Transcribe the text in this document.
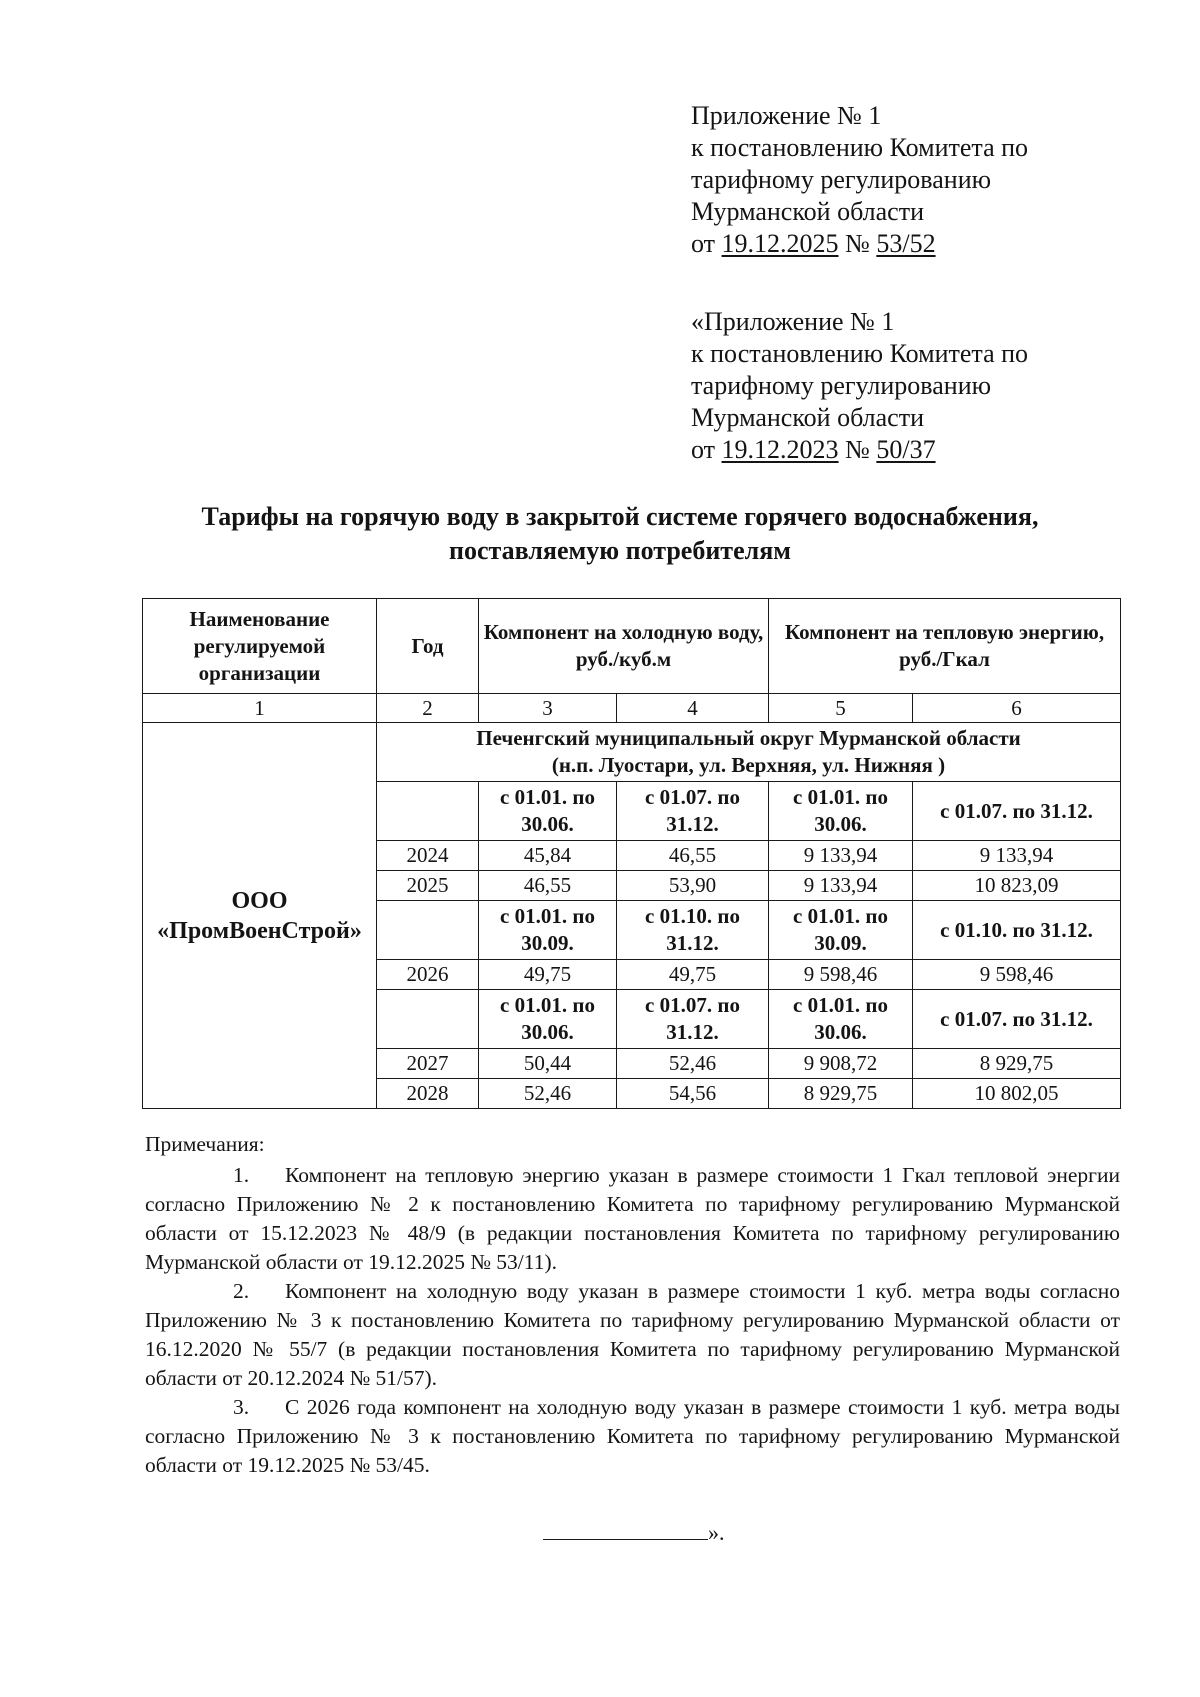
Приложение № 1
к постановлению Комитета по
тарифному регулированию
Мурманской области
от 19.12.2025 № 53/52
«Приложение № 1
к постановлению Комитета по
тарифному регулированию
Мурманской области
от 19.12.2023 № 50/37
Тарифы на горячую воду в закрытой системе горячего водоснабжения,
поставляемую потребителям
Наименование регулируемой организации	Год	Компонент на холодную воду, руб./куб.м		Компонент на тепловую энергию, руб./Гкал	
1	2	3	4	5	6
ООО «ПромВоенСтрой»	Печенгский муниципальный округ Мурманской области
(н.п. Луостари, ул. Верхняя, ул. Нижняя )				

		с 01.01. по 30.06.	с 01.07. по 31.12.	с 01.01. по 30.06.	с 01.07. по 31.12.
	2024	45,84	46,55	9 133,94	9 133,94
	2025	46,55	53,90	9 133,94	10 823,09
		с 01.01. по 30.09.	с 01.10. по 31.12.	с 01.01. по 30.09.	с 01.10. по 31.12.
	2026	49,75	49,75	9 598,46	9 598,46
		с 01.01. по 30.06.	с 01.07. по 31.12.	с 01.01. по 30.06.	с 01.07. по 31.12.
	2027	50,44	52,46	9 908,72	8 929,75
	2028	52,46	54,56	8 929,75	10 802,05

Примечания:

1. Компонент на тепловую энергию указан в размере стоимости 1 Гкал тепловой энергии согласно Приложению № 2 к постановлению Комитета по тарифному регулированию Мурманской области от 15.12.2023 № 48/9 (в редакции постановления Комитета по тарифному регулированию Мурманской области от 19.12.2025 № 53/11).

2. Компонент на холодную воду указан в размере стоимости 1 куб. метра воды согласно Приложению № 3 к постановлению Комитета по тарифному регулированию Мурманской области от 16.12.2020 № 55/7 (в редакции постановления Комитета по тарифному регулированию Мурманской области от 20.12.2024 № 51/57).

3. С 2026 года компонент на холодную воду указан в размере стоимости 1 куб. метра воды согласно Приложению № 3 к постановлению Комитета по тарифному регулированию Мурманской области от 19.12.2025 № 53/45.

».
